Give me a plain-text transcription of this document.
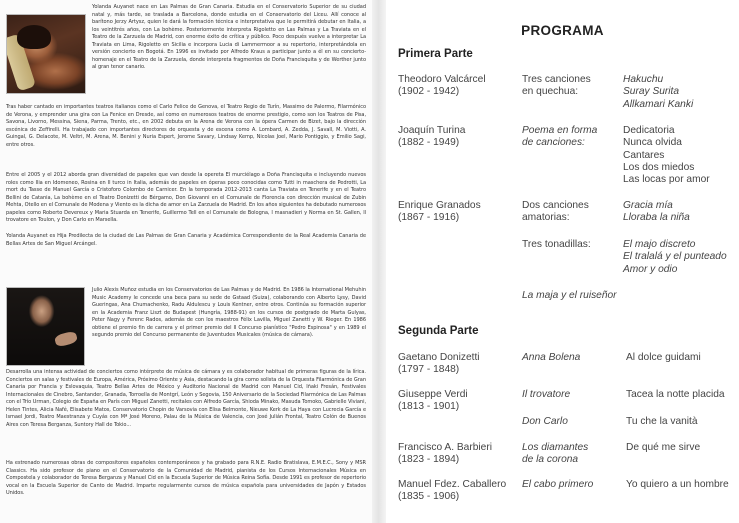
Yolanda Auyanet nace en Las Palmas de Gran Canaria. Estudia en el Conservatorio Superior de su ciudad natal y, más tarde, se traslada a Barcelona, donde estudia en el Conservatorio del Liceu. Allí conoce al barítono Jerzy Artysz, quien le dará la formación técnica e interpretativa que le permitirá debutar en Italia, a los veintitrés años, con La bohème. Posteriormente interpreta Rigoletto en Las Palmas y La Traviata en el Teatro de la Zarzuela de Madrid, con enorme éxito de crítica y público. Poco después vuelve a interpretar La Traviata en Lima, Rigoletto en Sicilia e incorpora Lucia di Lammermoor a su repertorio, interpretándola en versión concierto en Bogotá. En 1996 es invitado por Alfredo Kraus a participar junto a él en su concierto-homenaje en el Teatro de la Zarzuela, donde interpreta fragmentos de Doña Francisquita y de Werther junto al gran tenor canario.

Tras haber cantado en importantes teatros italianos como el Carlo Felice de Genova, el Teatro Regio de Turín, Massimo de Palermo, Filarmónico de Verona, y emprender una gira con La Fenice en Dresde, así como en numerosos teatros de enorme prestigio, como son los Teatros de Pisa, Savona, Livorno, Messina, Siena, Parma, Trento, etc., en 2002 debuta en la Arena de Verona con la ópera Carmen de Bizet, bajo la dirección escénica de Zeffirelli. Ha trabajado con importantes directores de orquesta y de escena como A. Lombard, A. Zedda, J. Savall, M. Viotti, A. Guingal, G. Delacote, M. Veltri, M. Arena, M. Benini y Nuria Espert, Jerome Savary, Lindsay Kemp, Nicolas Joel, Mario Pontiggio, y Emilio Sagi, entre otros.

Entre el 2005 y el 2012 aborda gran diversidad de papeles que van desde la opereta El murciélago a Doña Francisquita e incluyendo nuevos roles como Ilia en Idomeneo, Rosina en Il turco in Italia, además de papeles en óperas poco conocidas como Tutti in maschera de Pedrotti, La mort du Tasse de Manuel García o Cristoforo Colombo de Carnicer. En la temporada 2012-2013 canta La Traviata en Tenerife y en el Teatro Bellini de Catania, La bohème en el Teatro Donizetti de Bérgamo, Don Giovanni en el Comunale de Florencia con dirección musical de Zubin Mehta, Otello en el Comunale de Modena y Viento es la dicha de amor en La Zarzuela de Madrid. En los años siguientes ha debutado numerosos papeles como Roberto Devereux y Maria Stuarda en Tenerife, Guillermo Tell en el Comunale de Bologna, I masnadieri y Norma en St. Gallen, Il trovatore en Toulon, y Don Carlo en Marsella.

Yolanda Auyanet es Hija Predilecta de la ciudad de Las Palmas de Gran Canaria y Académica Correspondiente de la Real Academia Canaria de Bellas Artes de San Miguel Arcángel.

Julio Alexis Muñoz estudia en los Conservatorios de Las Palmas y de Madrid. En 1986 la International Mehuhin Music Academy le concede una beca para su sede de Gstaad (Suiza), colaborando con Alberto Lysy, David Gueringas, Ana Chumachenko, Radu Aldulescu y Louis Kentner, entre otros. Continúa su formación superior en la Academia Franz Liszt de Budapest (Hungría, 1988-91) en los cursos de postgrado de Marta Gulyas, Peter Nagy y Ferenc Rados, además de con los maestros Félix Lavilla, Miguel Zanetti y W. Rieger. En 1986 obtiene el premio fin de carrera y el primer premio del II Concurso pianístico "Pedro Espinosa" y en 1989 el segundo premio del Concurso permanente de Juventudes Musicales (música de cámara).

Desarrolla una intensa actividad de conciertos como intérprete de música de cámara y es colaborador habitual de primeras figuras de la lírica. Conciertos en salas y festivales de Europa, América, Próximo Oriente y Asia, destacando la gira como solista de la Orquesta Filarmónica de Gran Canaria por Francia y Eslovaquia, Teatro Bellas Artes de México y Auditorio Nacional de Madrid con Manuel Cid, Iñaki Fresán, Festivales Internacionales de Cinebro, Santander, Granada, Torroella de Montgrí, León y Segovia, 150 Aniversario de la Sociedad Filarmónica de Las Palmas con el Trío Urman, Colegio de España en París con Miguel Zanetti, recitales con Alfredo García, Shioda Minako, Masuda Tomoko, Gabrielle Viviani, Helen Tintes, Alicia Nafé, Elisabete Matos, Conservatorio Chopin de Varsovia con Elisa Belmonte, Nieuwe Kerk de La Haya con Lucrecia García e Ismael Jordi, Teatro Maestranza y Cuyás con Mª José Moreno, Palau de la Música de Valencia, con José Julián Frontal, Teatro Colón de Buenos Aires con Teresa Berganza, Suntory Hall de Tokio...

Ha estrenado numerosas obras de compositores españoles contemporáneos y ha grabado para R.N.E. Radio Bratislava, E.M.E.C., Sony y MSR Classics. Ha sido profesor de piano en el Conservatorio de la Comunidad de Madrid, pianista de los Cursos Internacionales Música en Compostela y colaborador de Teresa Berganza y Manuel Cid en la Escuela Superior de Música Reina Sofía. Desde 1991 es profesor de repertorio vocal en la Escuela Superior de Canto de Madrid. Imparte regularmente cursos de música española para universidades de Japón y Estados Unidos.

PROGRAMA
Primera Parte
Theodoro Valcárcel
(1902 - 1942)
Tres canciones
en quechua:
Hakuchu
Suray Surita
Allkamari Kanki
Joaquín Turina
(1882 - 1949)
Poema en forma
de canciones:
Dedicatoria
Nunca olvida
Cantares
Los dos miedos
Las locas por amor
Enrique Granados
(1867 - 1916)
Dos canciones
amatorias:
Gracia mía
Lloraba la niña
Tres tonadillas:	El majo discreto
El tralalá y el punteado
Amor y odio
La maja y el ruiseñor
Segunda Parte
Gaetano Donizetti
(1797 - 1848)
Anna Bolena	Al dolce guidami
Giuseppe Verdi
(1813 - 1901)
Il trovatore	Tacea la notte placida
Don Carlo	Tu che la vanità
Francisco A. Barbieri
(1823 - 1894)
Los diamantes
de la corona
De qué me sirve
Manuel Fdez. Caballero
(1835 - 1906)
El cabo primero	Yo quiero a un hombre
